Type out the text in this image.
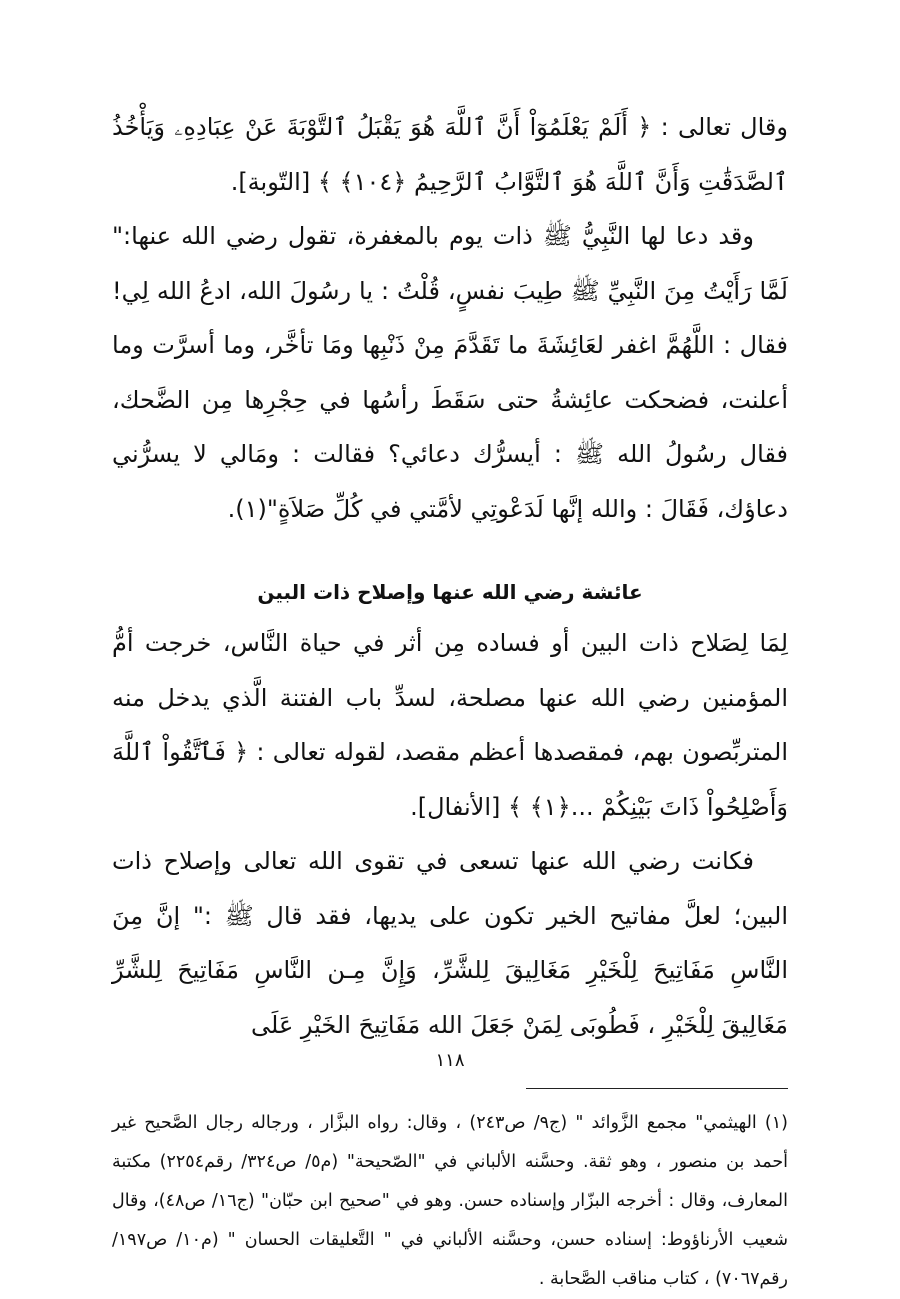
وقال تعالى : ﴿ أَلَمْ يَعْلَمُوٓاْ أَنَّ ٱللَّهَ هُوَ يَقْبَلُ ٱلتَّوْبَةَ عَنْ عِبَادِهِۦ وَيَأْخُذُ ٱلصَّدَقَٰتِ وَأَنَّ ٱللَّهَ هُوَ ٱلتَّوَّابُ ٱلرَّحِيمُ ﴿١٠٤﴾ ﴾ [التّوبة].

وقد دعا لها النَّبِيُّ ﷺ ذات يوم بالمغفرة، تقول رضي الله عنها:" لَمَّا رَأَيْتُ مِنَ النَّبِيِّ ﷺ طِيبَ نفسٍ، قُلْتُ : يا رسُولَ الله، ادعُ الله لِي! فقال : اللَّهُمَّ اغفر لعَائِشَةَ ما تَقَدَّمَ مِنْ ذَنْبِها ومَا تأخَّر، وما أسرَّت وما أعلنت، فضحكت عائِشةُ حتى سَقَطَ رأسُها في حِجْرِها مِن الضَّحك، فقال رسُولُ الله ﷺ : أيسرُّك دعائي؟ فقالت : ومَالي لا يسرُّني دعاؤك، فَقَالَ : والله إنَّها لَدَعْوتِي لأمَّتي في كُلِّ صَلاَةٍ"(١).

عائشة رضي الله عنها وإصلاح ذات البين

لِمَا لِصَلاح ذات البين أو فساده مِن أثر في حياة النَّاس، خرجت أمُّ المؤمنين رضي الله عنها مصلحة، لسدِّ باب الفتنة الَّذي يدخل منه المتربِّصون بهم، فمقصدها أعظم مقصد، لقوله تعالى : ﴿ فَٱتَّقُواْ ٱللَّهَ وَأَصْلِحُواْ ذَاتَ بَيْنِكُمْ ...﴿١﴾ ﴾ [الأنفال].

فكانت رضي الله عنها تسعى في تقوى الله تعالى وإصلاح ذات البين؛ لعلَّ مفاتيح الخير تكون على يديها، فقد قال ﷺ :" إنَّ مِنَ النَّاسِ مَفَاتِيحَ لِلْخَيْرِ مَغَالِيقَ لِلشَّرِّ، وَإِنَّ مِـن النَّاسِ مَفَاتِيحَ لِلشَّرِّ مَغَالِيقَ لِلْخَيْرِ ، فَطُوبَى لِمَنْ جَعَلَ الله مَفَاتِيحَ الخَيْرِ عَلَى

(١) الهيثمي" مجمع الزَّوائد " (ج٩/ ص٢٤٣) ، وقال: رواه البزَّار ، ورجاله رجال الصَّحيح غير أحمد بن منصور ، وهو ثقة. وحسَّنه الألباني في "الصّحيحة" (م٥/ ص٣٢٤/ رقم٢٢٥٤) مكتبة المعارف، وقال : أخرجه البزّار وإسناده حسن. وهو في "صحيح ابن حبّان" (ج١٦/ ص٤٨)، وقال شعيب الأرناؤوط: إسناده حسن، وحسَّنه الألباني في " التَّعليقات الحسان " (م١٠/ ص١٩٧/ رقم٧٠٦٧) ، كتاب مناقب الصَّحابة .

١١٨
